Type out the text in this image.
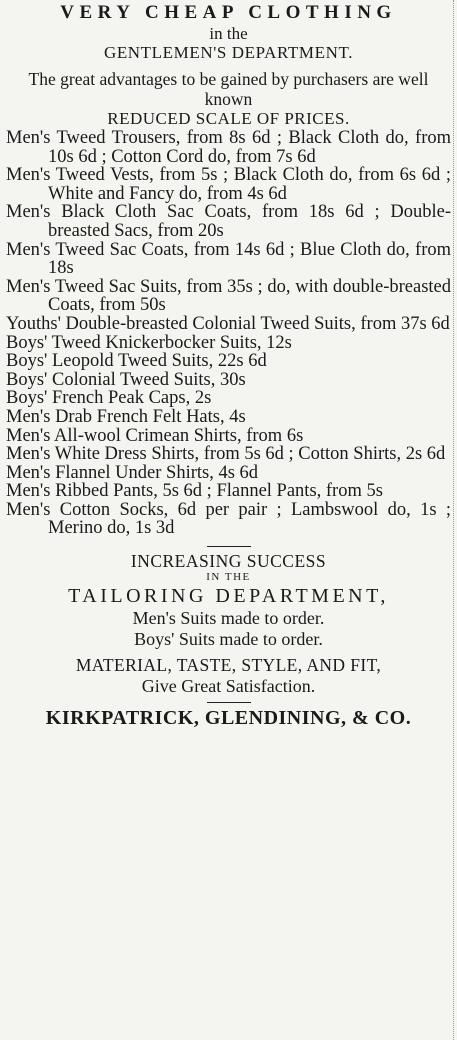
VERY CHEAP CLOTHING
in the
GENTLEMEN'S DEPARTMENT.
The great advantages to be gained by purchasers are well known
REDUCED SCALE OF PRICES.

Men's Tweed Trousers, from 8s 6d ; Black Cloth do, from 10s 6d ; Cotton Cord do, from 7s 6d

Men's Tweed Vests, from 5s ; Black Cloth do, from 6s 6d ; White and Fancy do, from 4s 6d

Men's Black Cloth Sac Coats, from 18s 6d ; Double-breasted Sacs, from 20s

Men's Tweed Sac Coats, from 14s 6d ; Blue Cloth do, from 18s

Men's Tweed Sac Suits, from 35s ; do, with double-breasted Coats, from 50s

Youths' Double-breasted Colonial Tweed Suits, from 37s 6d

Boys' Tweed Knickerbocker Suits, 12s

Boys' Leopold Tweed Suits, 22s 6d

Boys' Colonial Tweed Suits, 30s

Boys' French Peak Caps, 2s

Men's Drab French Felt Hats, 4s

Men's All-wool Crimean Shirts, from 6s

Men's White Dress Shirts, from 5s 6d ; Cotton Shirts, 2s 6d

Men's Flannel Under Shirts, 4s 6d

Men's Ribbed Pants, 5s 6d ; Flannel Pants, from 5s

Men's Cotton Socks, 6d per pair ; Lambswool do, 1s ; Merino do, 1s 3d

INCREASING SUCCESS
IN THE
TAILORING DEPARTMENT,
Men's Suits made to order.
Boys' Suits made to order.
MATERIAL, TASTE, STYLE, AND FIT,
Give Great Satisfaction.
KIRKPATRICK, GLENDINING, & CO.
